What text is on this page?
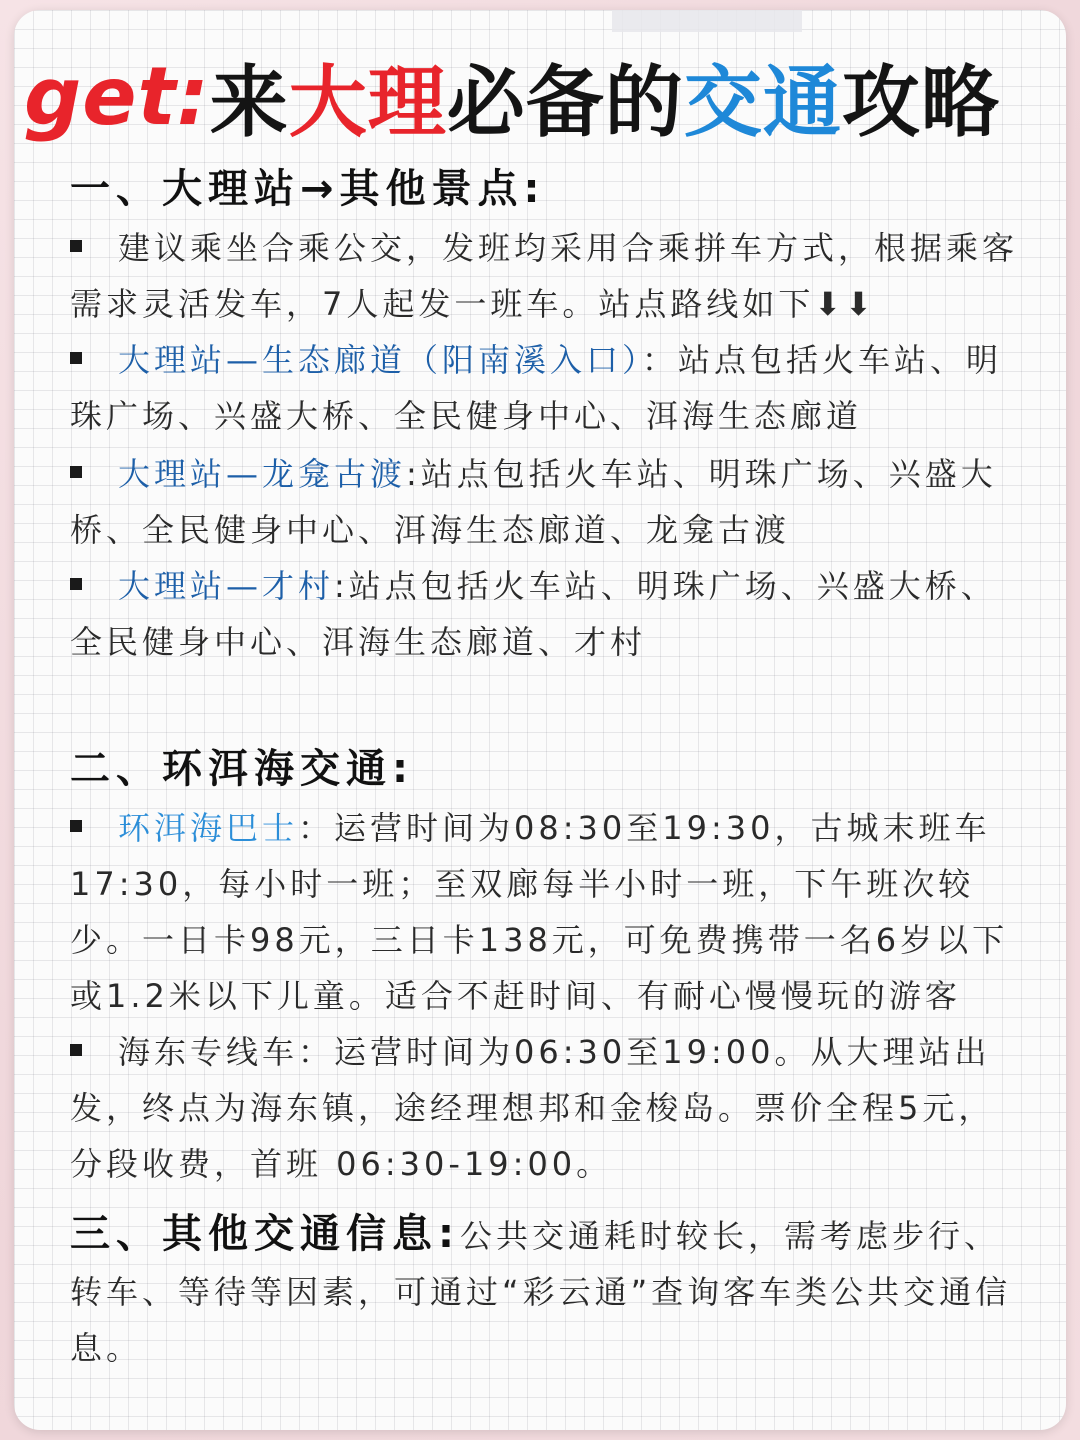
get: 来 大理 必备的 交通 攻略
一、大理站→其他景点:
建议乘坐合乘公交，发班均采用合乘拼车方式，根据乘客需求灵活发车，7人起发一班车。站点路线如下⬇⬇
大理站—生态廊道（阳南溪入口）：站点包括火车站、明珠广场、兴盛大桥、全民健身中心、洱海生态廊道
大理站—龙龛古渡:站点包括火车站、明珠广场、兴盛大桥、全民健身中心、洱海生态廊道、龙龛古渡
大理站—才村:站点包括火车站、明珠广场、兴盛大桥、全民健身中心、洱海生态廊道、才村
二、环洱海交通:
环洱海巴士：运营时间为08:30至19:30，古城末班车17:30，每小时一班；至双廊每半小时一班，下午班次较少。一日卡98元，三日卡138元，可免费携带一名6岁以下或1.2米以下儿童。适合不赶时间、有耐心慢慢玩的游客
海东专线车：运营时间为06:30至19:00。从大理站出发，终点为海东镇，途经理想邦和金梭岛。票价全程5元，分段收费，首班 06:30-19:00。
三、其他交通信息:公共交通耗时较长，需考虑步行、转车、等待等因素，可通过“彩云通”查询客车类公共交通信息。
